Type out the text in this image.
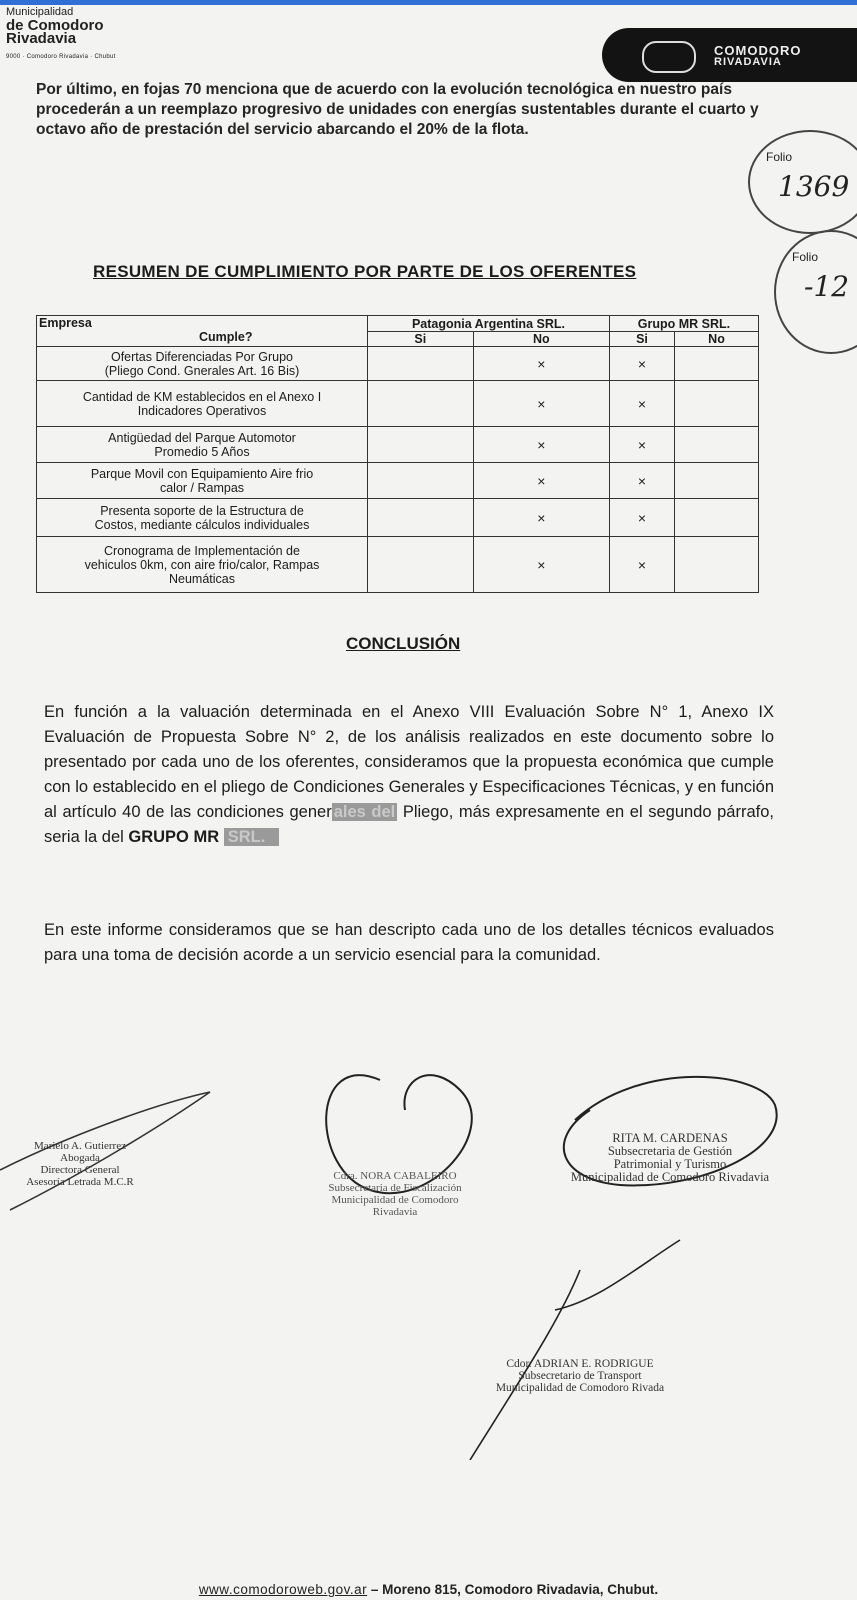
Municipalidad
de Comodoro
Rivadavia
9000 · Comodoro Rivadavia · Chubut	COMODORO
RIVADAVIA
Por último, en fojas 70 menciona que de acuerdo con la evolución tecnológica en nuestro país procederán a un reemplazo progresivo de unidades con energías sustentables durante el cuarto y octavo año de prestación del servicio abarcando el 20% de la flota.
Folio
1369
Folio
-12
RESUMEN DE CUMPLIMIENTO POR PARTE DE LOS OFERENTES
Empresa
Cumple?	Patagonia Argentina SRL.		Grupo MR SRL.	
	Si	No	Si	No
Ofertas Diferenciadas Por Grupo
(Pliego Cond. Gnerales Art. 16 Bis)		×	×	
Cantidad de KM establecidos en el Anexo I
Indicadores Operativos		×	×	
Antigüedad del Parque Automotor
Promedio 5 Años		×	×	
Parque Movil con Equipamiento Aire frio
calor / Rampas		×	×	
Presenta soporte de la Estructura de
Costos, mediante cálculos individuales		×	×	
Cronograma de Implementación de
vehiculos 0km, con aire frio/calor, Rampas
Neumáticas		×	×	
CONCLUSIÓN
En función a la valuación determinada en el Anexo VIII Evaluación Sobre N° 1, Anexo IX Evaluación de Propuesta Sobre N° 2, de los análisis realizados en este documento sobre lo presentado por cada uno de los oferentes, consideramos que la propuesta económica que cumple con lo establecido en el pliego de Condiciones Generales y Especificaciones Técnicas, y en función al artículo 40 de las condiciones gener ales del Pliego, más expresamente en el segundo párrafo, seria la del GRUPO MR SRL.
En este informe consideramos que se han descripto cada uno de los detalles técnicos evaluados para una toma de decisión acorde a un servicio esencial para la comunidad.
Marielo A. Gutierrez
Abogada
Directora General
Asesoría Letrada M.C.R	Cdra. NORA CABALEIRO
Subsecretaria de Fiscalización
Municipalidad de Comodoro Rivadavia
RITA M. CARDENAS
Subsecretaria de Gestión
Patrimonial y Turismo
Municipalidad de Comodoro Rivadavia
Cdor. ADRIAN E. RODRIGUE
Subsecretario de Transport
Municipalidad de Comodoro Rivada
www.comodoroweb.gov.ar – Moreno 815, Comodoro Rivadavia, Chubut.
